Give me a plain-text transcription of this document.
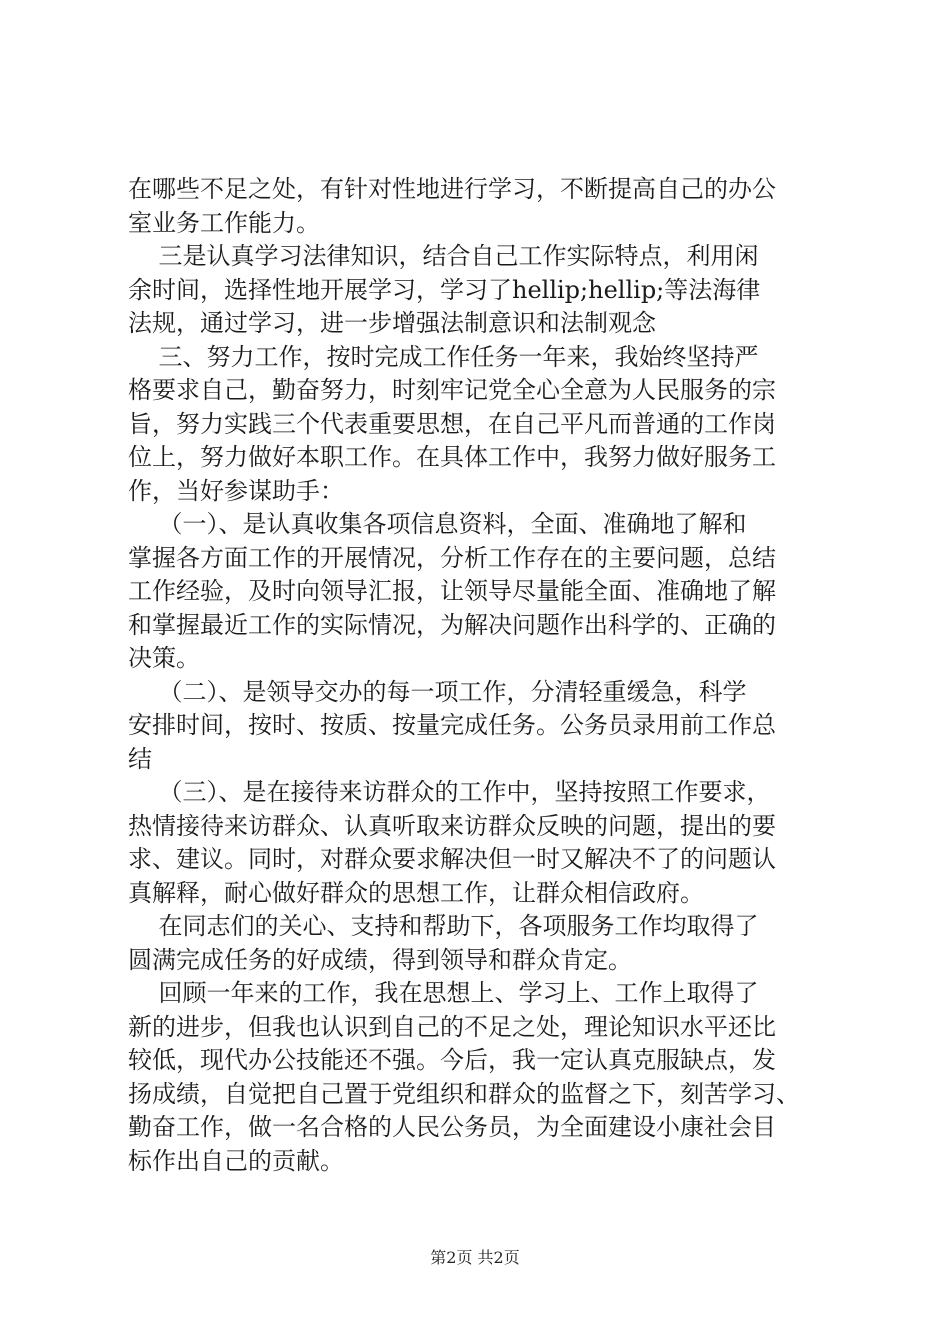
在哪些不足之处，有针对性地进行学习，不断提高自己的办公

室业务工作能力。

三是认真学习法律知识，结合自己工作实际特点，利用闲

余时间，选择性地开展学习，学习了hellip;hellip;等法海律

法规，通过学习，进一步增强法制意识和法制观念

三、努力工作，按时完成工作任务一年来，我始终坚持严

格要求自己，勤奋努力，时刻牢记党全心全意为人民服务的宗

旨，努力实践三个代表重要思想，在自己平凡而普通的工作岗

位上，努力做好本职工作。在具体工作中，我努力做好服务工

作，当好参谋助手：

（一）、是认真收集各项信息资料，全面、准确地了解和

掌握各方面工作的开展情况，分析工作存在的主要问题，总结

工作经验，及时向领导汇报，让领导尽量能全面、准确地了解

和掌握最近工作的实际情况，为解决问题作出科学的、正确的

决策。

（二）、是领导交办的每一项工作，分清轻重缓急，科学

安排时间，按时、按质、按量完成任务。公务员录用前工作总

结

（三）、是在接待来访群众的工作中，坚持按照工作要求，

热情接待来访群众、认真听取来访群众反映的问题，提出的要

求、建议。同时，对群众要求解决但一时又解决不了的问题认

真解释，耐心做好群众的思想工作，让群众相信政府。

在同志们的关心、支持和帮助下，各项服务工作均取得了

圆满完成任务的好成绩，得到领导和群众肯定。

回顾一年来的工作，我在思想上、学习上、工作上取得了

新的进步，但我也认识到自己的不足之处，理论知识水平还比

较低，现代办公技能还不强。今后，我一定认真克服缺点，发

扬成绩，自觉把自己置于党组织和群众的监督之下，刻苦学习、

勤奋工作，做一名合格的人民公务员，为全面建设小康社会目

标作出自己的贡献。

第2页 共2页
